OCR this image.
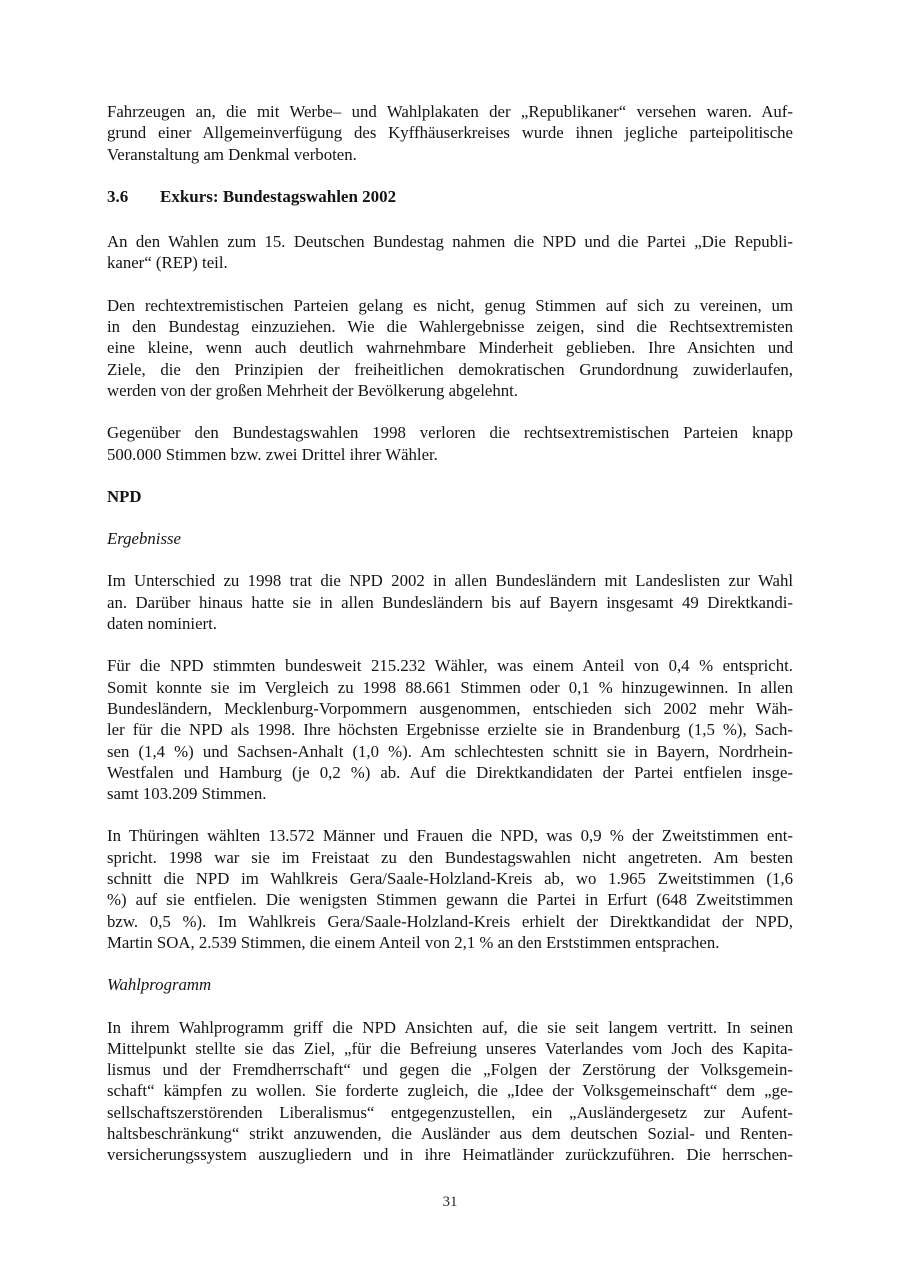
Fahrzeugen an, die mit Werbe– und Wahlplakaten der „Republikaner“ versehen waren. Auf-
grund einer Allgemeinverfügung des Kyffhäuserkreises wurde ihnen jegliche parteipolitische
Veranstaltung am Denkmal verboten.
3.6 Exkurs: Bundestagswahlen 2002
An den Wahlen zum 15. Deutschen Bundestag nahmen die NPD und die Partei „Die Republi-
kaner“ (REP) teil.
Den rechtextremistischen Parteien gelang es nicht, genug Stimmen auf sich zu vereinen, um
in den Bundestag einzuziehen. Wie die Wahlergebnisse zeigen, sind die Rechtsextremisten
eine kleine, wenn auch deutlich wahrnehmbare Minderheit geblieben. Ihre Ansichten und
Ziele, die den Prinzipien der freiheitlichen demokratischen Grundordnung zuwiderlaufen,
werden von der großen Mehrheit der Bevölkerung abgelehnt.
Gegenüber den Bundestagswahlen 1998 verloren die rechtsextremistischen Parteien knapp
500.000 Stimmen bzw. zwei Drittel ihrer Wähler.
NPD
Ergebnisse
Im Unterschied zu 1998 trat die NPD 2002 in allen Bundesländern mit Landeslisten zur Wahl
an. Darüber hinaus hatte sie in allen Bundesländern bis auf Bayern insgesamt 49 Direktkandi-
daten nominiert.
Für die NPD stimmten bundesweit 215.232 Wähler, was einem Anteil von 0,4 % entspricht.
Somit konnte sie im Vergleich zu 1998 88.661 Stimmen oder 0,1 % hinzugewinnen. In allen
Bundesländern, Mecklenburg-Vorpommern ausgenommen, entschieden sich 2002 mehr Wäh-
ler für die NPD als 1998. Ihre höchsten Ergebnisse erzielte sie in Brandenburg (1,5 %), Sach-
sen (1,4 %) und Sachsen-Anhalt (1,0 %). Am schlechtesten schnitt sie in Bayern, Nordrhein-
Westfalen und Hamburg (je 0,2 %) ab. Auf die Direktkandidaten der Partei entfielen insge-
samt 103.209 Stimmen.
In Thüringen wählten 13.572 Männer und Frauen die NPD, was 0,9 % der Zweitstimmen ent-
spricht. 1998 war sie im Freistaat zu den Bundestagswahlen nicht angetreten. Am besten
schnitt die NPD im Wahlkreis Gera/Saale-Holzland-Kreis ab, wo 1.965 Zweitstimmen (1,6
%) auf sie entfielen. Die wenigsten Stimmen gewann die Partei in Erfurt (648 Zweitstimmen
bzw. 0,5 %). Im Wahlkreis Gera/Saale-Holzland-Kreis erhielt der Direktkandidat der NPD,
Martin SOA, 2.539 Stimmen, die einem Anteil von 2,1 % an den Erststimmen entsprachen.
Wahlprogramm
In ihrem Wahlprogramm griff die NPD Ansichten auf, die sie seit langem vertritt. In seinen
Mittelpunkt stellte sie das Ziel, „für die Befreiung unseres Vaterlandes vom Joch des Kapita-
lismus und der Fremdherrschaft“ und gegen die „Folgen der Zerstörung der Volksgemein-
schaft“ kämpfen zu wollen. Sie forderte zugleich, die „Idee der Volksgemeinschaft“ dem „ge-
sellschaftszerstörenden Liberalismus“ entgegenzustellen, ein „Ausländergesetz zur Aufent-
haltsbeschränkung“ strikt anzuwenden, die Ausländer aus dem deutschen Sozial- und Renten-
versicherungssystem auszugliedern und in ihre Heimatländer zurückzuführen. Die herrschen-
31
